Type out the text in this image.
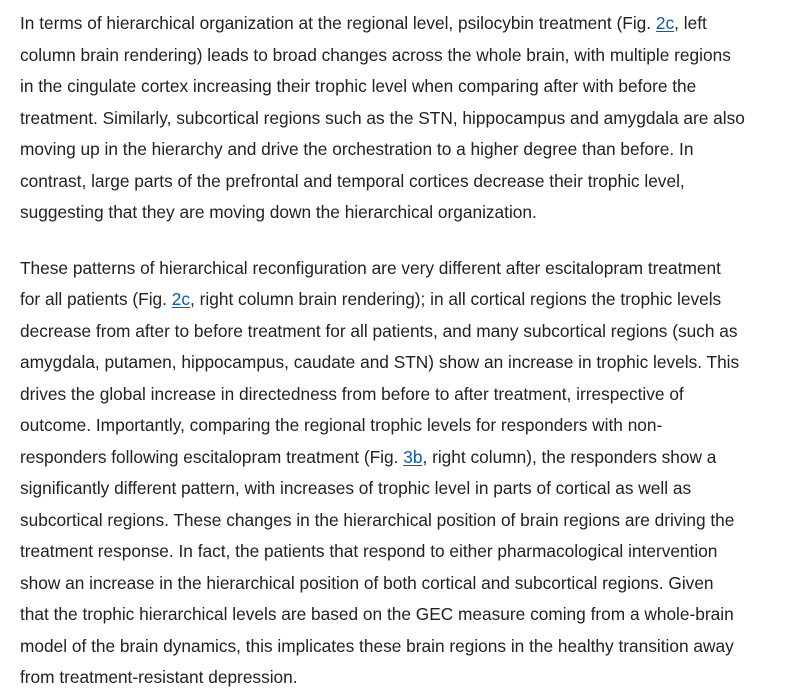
In terms of hierarchical organization at the regional level, psilocybin treatment (Fig. 2c, left
column brain rendering) leads to broad changes across the whole brain, with multiple regions
in the cingulate cortex increasing their trophic level when comparing after with before the
treatment. Similarly, subcortical regions such as the STN, hippocampus and amygdala are also
moving up in the hierarchy and drive the orchestration to a higher degree than before. In
contrast, large parts of the prefrontal and temporal cortices decrease their trophic level,
suggesting that they are moving down the hierarchical organization.

These patterns of hierarchical reconfiguration are very different after escitalopram treatment
for all patients (Fig. 2c, right column brain rendering); in all cortical regions the trophic levels
decrease from after to before treatment for all patients, and many subcortical regions (such as
amygdala, putamen, hippocampus, caudate and STN) show an increase in trophic levels. This
drives the global increase in directedness from before to after treatment, irrespective of
outcome. Importantly, comparing the regional trophic levels for responders with non-
responders following escitalopram treatment (Fig. 3b, right column), the responders show a
significantly different pattern, with increases of trophic level in parts of cortical as well as
subcortical regions. These changes in the hierarchical position of brain regions are driving the
treatment response. In fact, the patients that respond to either pharmacological intervention
show an increase in the hierarchical position of both cortical and subcortical regions. Given
that the trophic hierarchical levels are based on the GEC measure coming from a whole-brain
model of the brain dynamics, this implicates these brain regions in the healthy transition away
from treatment-resistant depression.
